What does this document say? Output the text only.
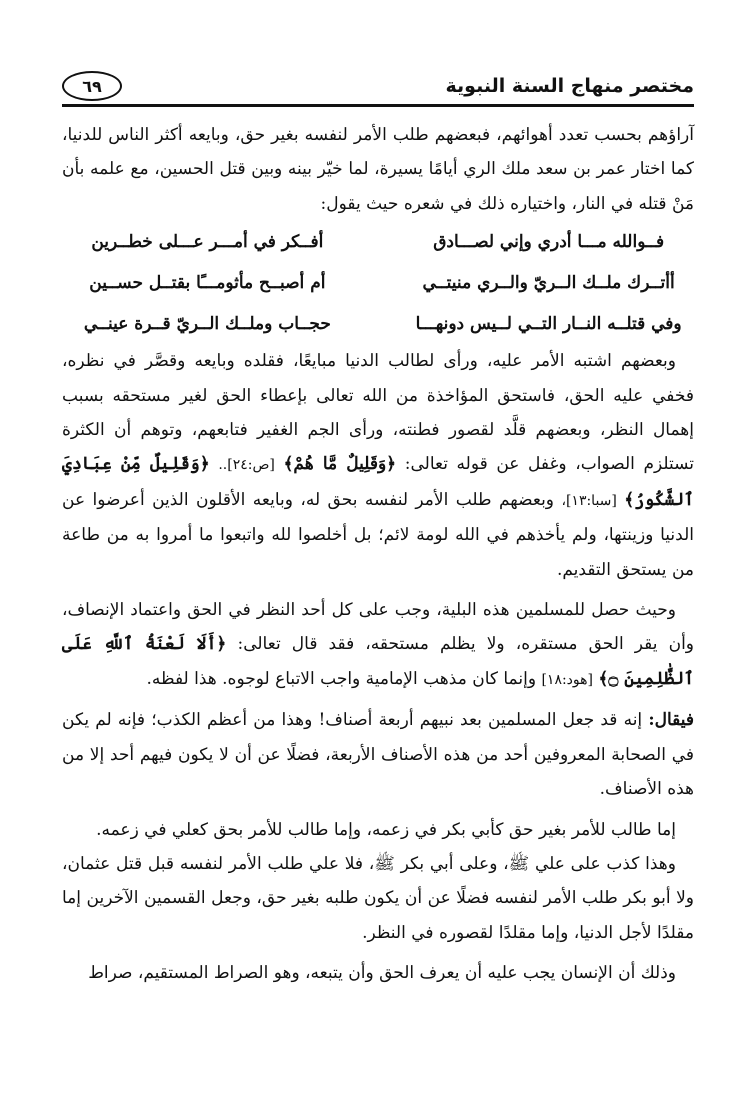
مختصر منهاج السنة النبوية
٦٩

آراؤهم بحسب تعدد أهوائهم، فبعضهم طلب الأمر لنفسه بغير حق، وبايعه أكثر الناس للدنيا، كما اختار عمر بن سعد ملك الري أيامًا يسيرة، لما خيّر بينه وبين قتل الحسين، مع علمه بأن مَنْ قتله في النار، واختياره ذلك في شعره حيث يقول:

فــوالله مـــا أدري وإني لصـــادق
أفــكر في أمـــر عـــلى خطــرين
أأتــرك ملــك الــريّ والــري منيتــي
أم أصبــح مأثومـــًا بقتــل حســين
وفي قتلــه النــار التــي لــيس دونهـــا
حجــاب وملــك الــريّ قــرة عينــي

وبعضهم اشتبه الأمر عليه، ورأى لطالب الدنيا مبايعًا، فقلده وبايعه وقصَّر في نظره، فخفي عليه الحق، فاستحق المؤاخذة من الله تعالى بإعطاء الحق لغير مستحقه بسبب إهمال النظر، وبعضهم قلَّد لقصور فطنته، ورأى الجم الغفير فتابعهم، وتوهم أن الكثرة تستلزم الصواب، وغفل عن قوله تعالى: ﴿وَقَلِيلٌ مَّا هُمْ﴾ [ص:٢٤].. ﴿وَقَلِيلٌ مِّنْ عِبَادِيَ ٱلشَّكُورُ﴾ [سبا:١٣]، وبعضهم طلب الأمر لنفسه بحق له، وبايعه الأقلون الذين أعرضوا عن الدنيا وزينتها، ولم يأخذهم في الله لومة لائم؛ بل أخلصوا لله واتبعوا ما أمروا به من طاعة من يستحق التقديم.

وحيث حصل للمسلمين هذه البلية، وجب على كل أحد النظر في الحق واعتماد الإنصاف، وأن يقر الحق مستقره، ولا يظلم مستحقه، فقد قال تعالى: ﴿أَلَا لَعْنَةُ ٱللَّهِ عَلَى ٱلظَّٰلِمِينَ ۝﴾ [هود:١٨] وإنما كان مذهب الإمامية واجب الاتباع لوجوه. هذا لفظه.

فيقال: إنه قد جعل المسلمين بعد نبيهم أربعة أصناف! وهذا من أعظم الكذب؛ فإنه لم يكن في الصحابة المعروفين أحد من هذه الأصناف الأربعة، فضلًا عن أن لا يكون فيهم أحد إلا من هذه الأصناف.

إما طالب للأمر بغير حق كأبي بكر في زعمه، وإما طالب للأمر بحق كعلي في زعمه.

وهذا كذب على علي ﷺ، وعلى أبي بكر ﷺ، فلا علي طلب الأمر لنفسه قبل قتل عثمان، ولا أبو بكر طلب الأمر لنفسه فضلًا عن أن يكون طلبه بغير حق، وجعل القسمين الآخرين إما مقلدًا لأجل الدنيا، وإما مقلدًا لقصوره في النظر.

وذلك أن الإنسان يجب عليه أن يعرف الحق وأن يتبعه، وهو الصراط المستقيم، صراط
